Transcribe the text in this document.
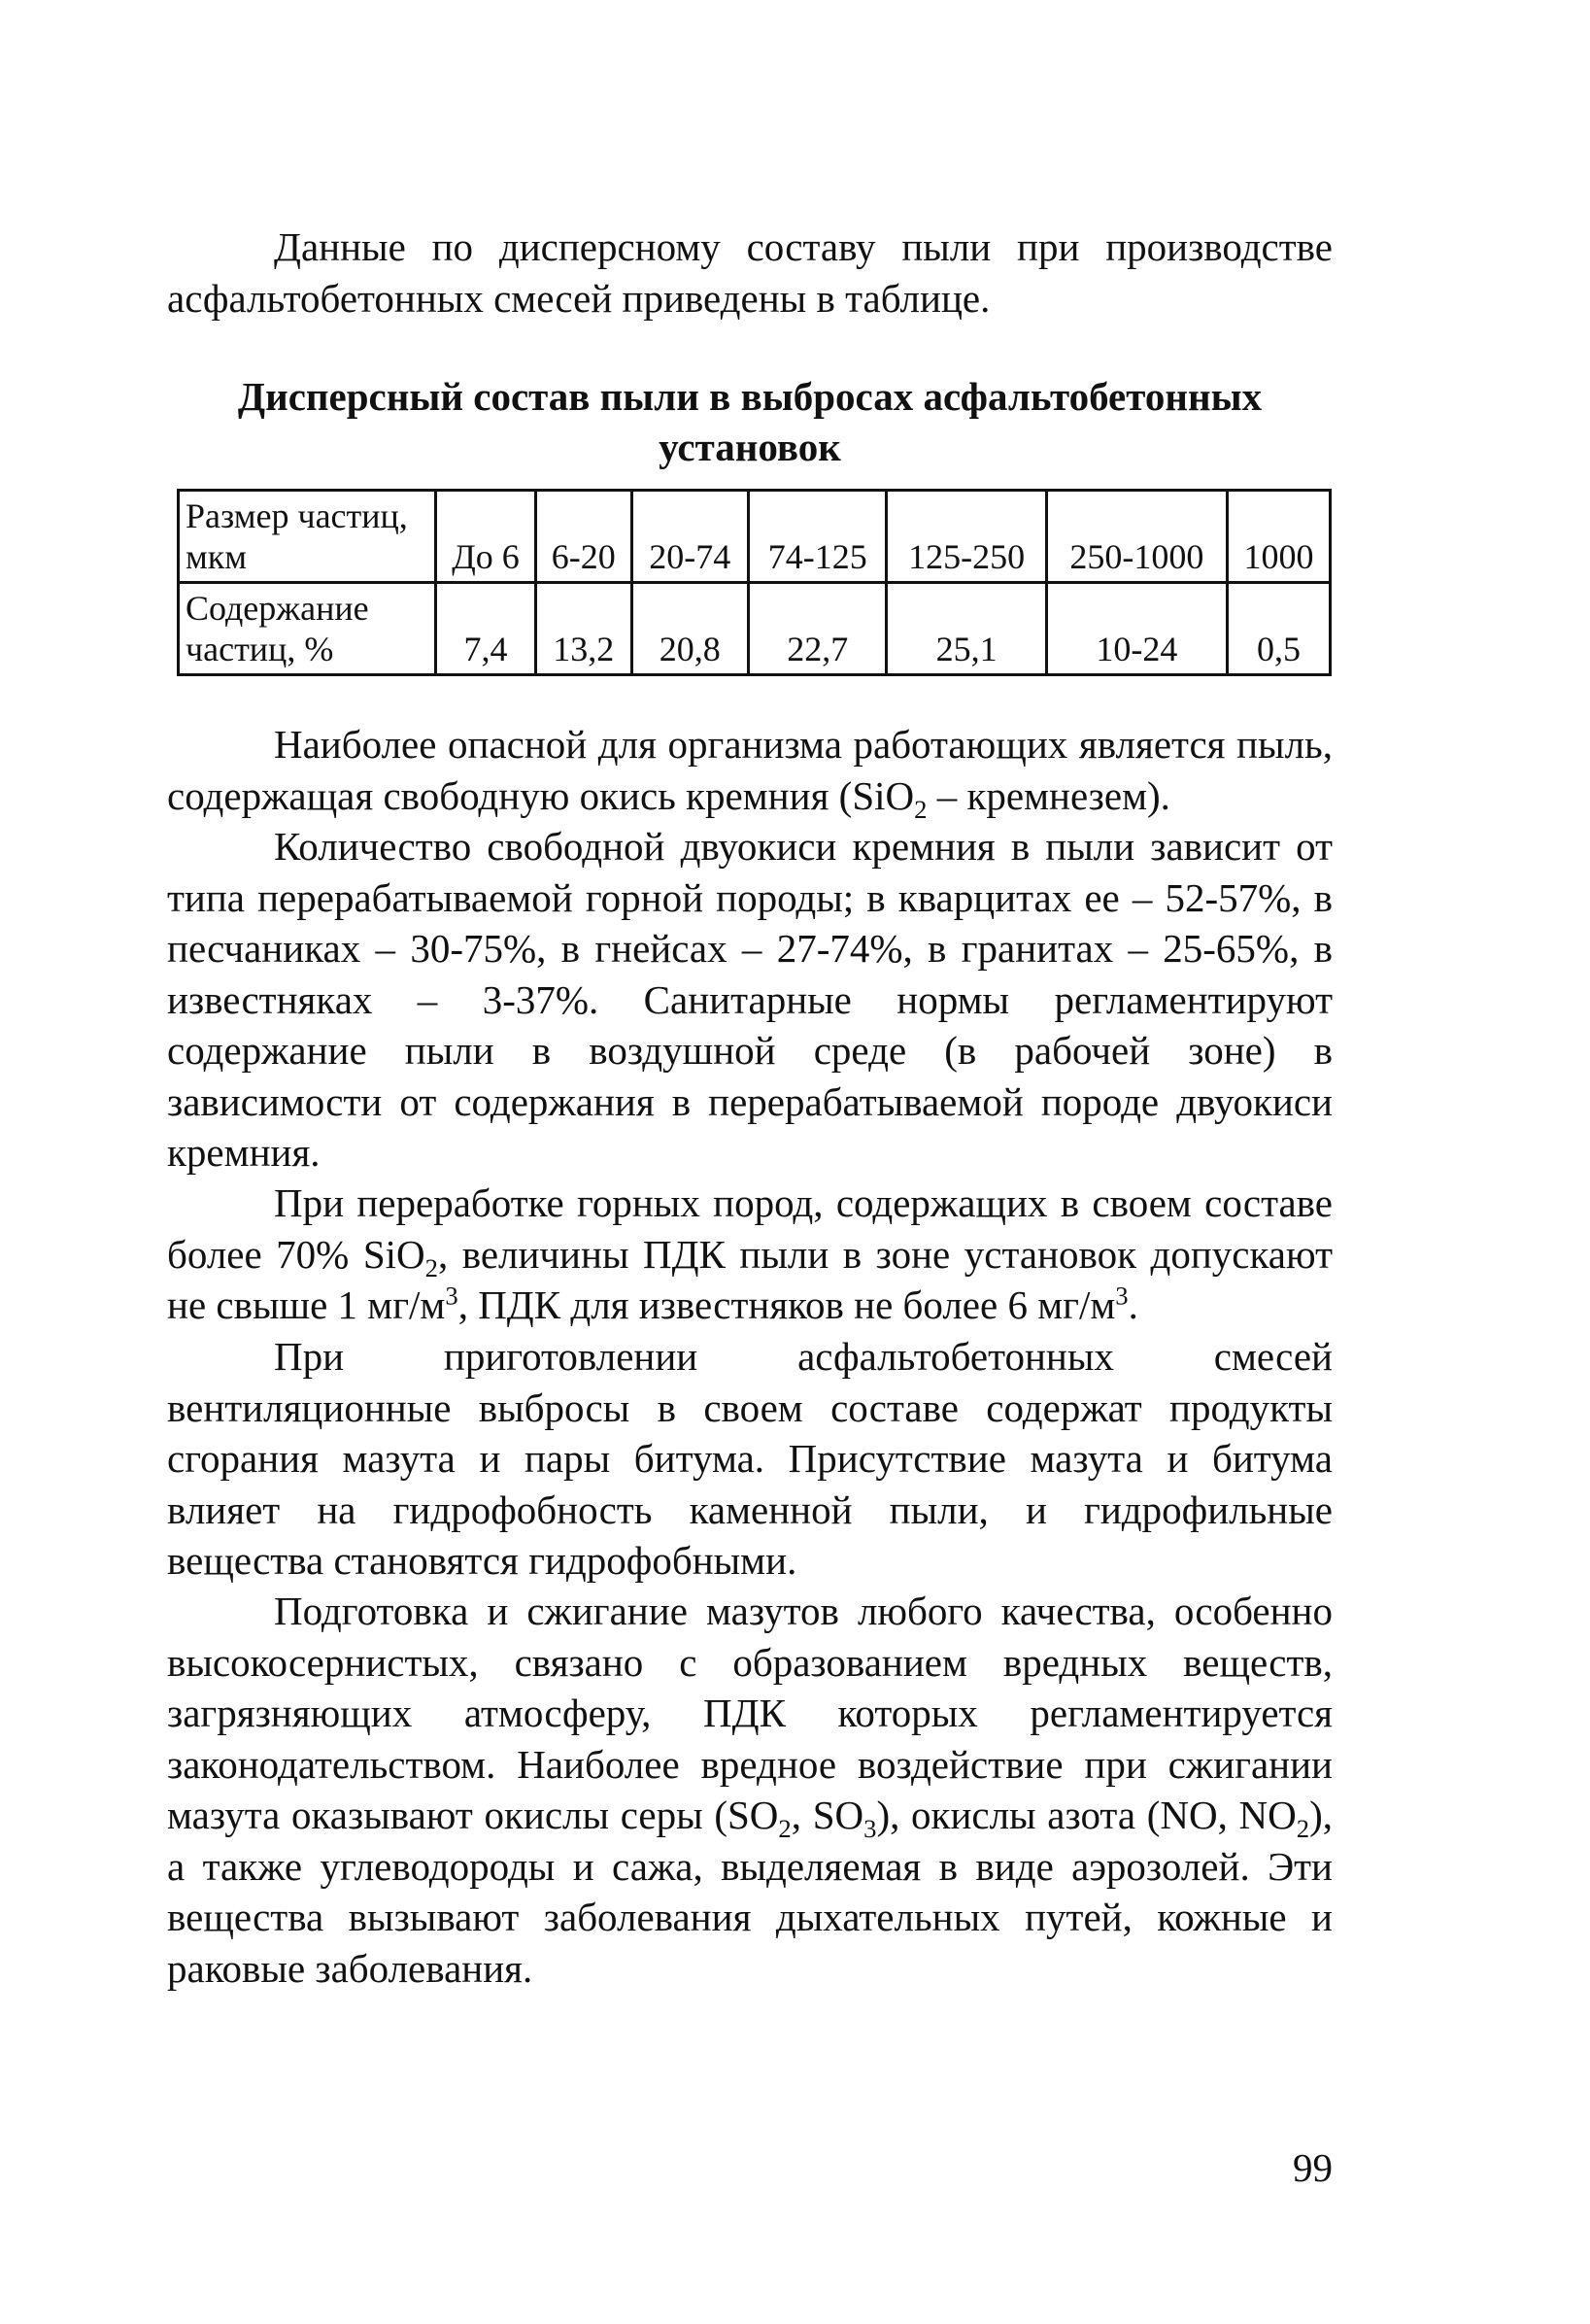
Данные по дисперсному составу пыли при производстве асфальтобетонных смесей приведены в таблице.

Дисперсный состав пыли в выбросах асфальтобетонных установок

Размер частиц, мкм	До 6	6-20	20-74	74-125	125-250	250-1000	1000
Содержание частиц, %	7,4	13,2	20,8	22,7	25,1	10-24	0,5

Наиболее опасной для организма работающих является пыль, содержащая свободную окись кремния (SiO$_2$ – кремнезем).

Количество свободной двуокиси кремния в пыли зависит от типа перерабатываемой горной породы; в кварцитах ее – 52-57%, в песчаниках – 30-75%, в гнейсах – 27-74%, в гранитах – 25-65%, в известняках – 3-37%. Санитарные нормы регламентируют содержание пыли в воздушной среде (в рабочей зоне) в зависимости от содержания в перерабатываемой породе двуокиси кремния.

При переработке горных пород, содержащих в своем составе более 70% SiO$_2$, величины ПДК пыли в зоне установок допускают не свыше 1 $мг/м^3$, ПДК для известняков не более 6 $мг/м^3$.

При приготовлении асфальтобетонных смесей вентиляционные выбросы в своем составе содержат продукты сгорания мазута и пары битума. Присутствие мазута и битума влияет на гидрофобность каменной пыли, и гидрофильные вещества становятся гидрофобными.

Подготовка и сжигание мазутов любого качества, особенно высокосернистых, связано с образованием вредных веществ, загрязняющих атмосферу, ПДК которых регламентируется законодательством. Наиболее вредное воздействие при сжигании мазута оказывают окислы серы ($SO_2$, $SO_3$), окислы азота (NO, $NO_2$), а также углеводороды и сажа, выделяемая в виде аэрозолей. Эти вещества вызывают заболевания дыхательных путей, кожные и раковые заболевания.

99
